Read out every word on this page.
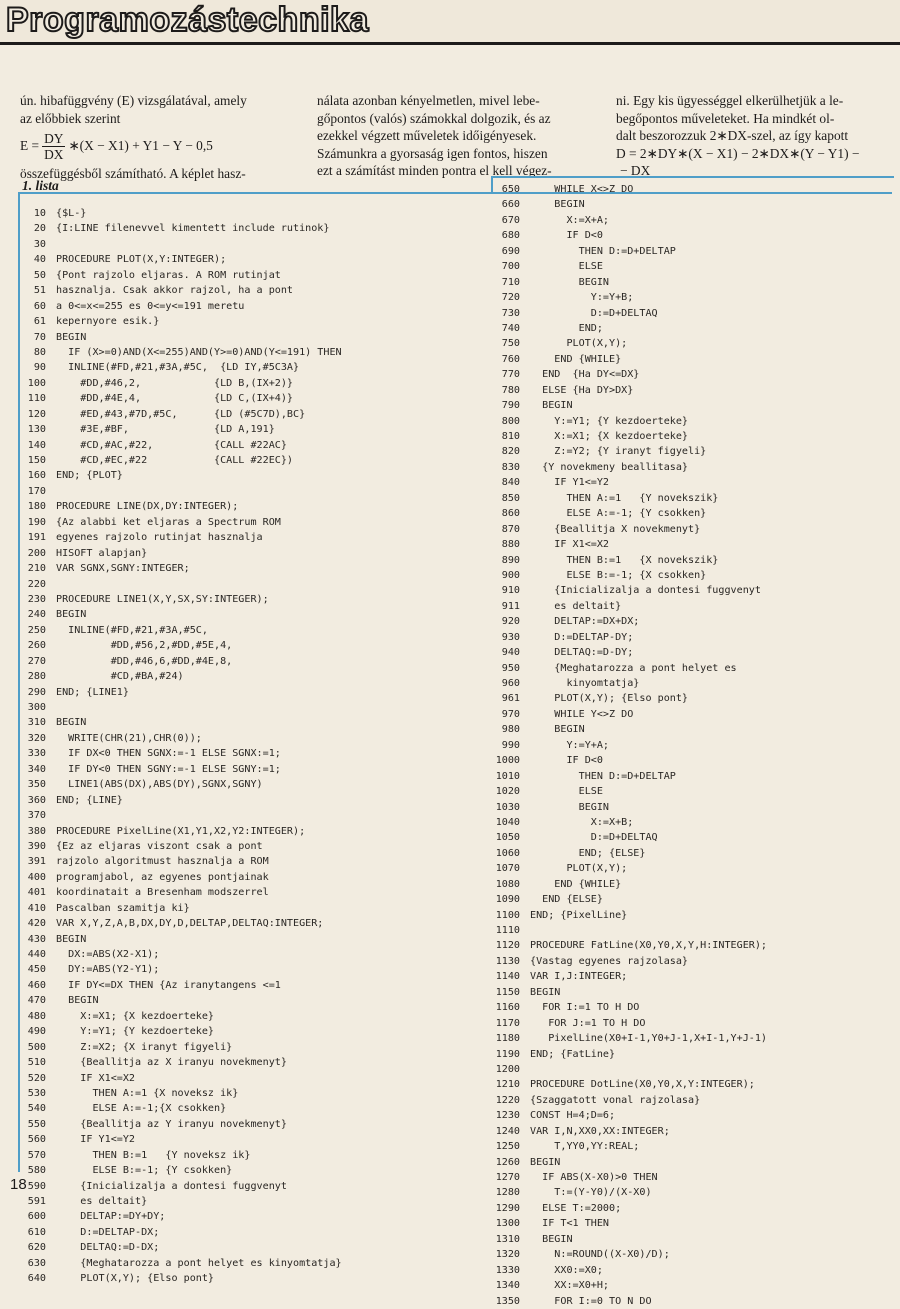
Programozástechnika
ún. hibafüggvény (E) vizsgálatával, amely
az előbbiek szerint
$E = \frac{DY}{DX}$ ∗(X − X1) + Y1 − Y − 0,5
összefüggésből számítható. A képlet hasz-
nálata azonban kényelmetlen, mivel lebe-
gőpontos (valós) számokkal dolgozik, és az
ezekkel végzett műveletek időigényesek.
Számunkra a gyorsaság igen fontos, hiszen
ezt a számítást minden pontra el kell végez-
ni. Egy kis ügyességgel elkerülhetjük a le-
begőpontos műveleteket. Ha mindkét ol-
dalt beszorozzuk 2∗DX-szel, az így kapott
D = 2∗DY∗(X − X1) − 2∗DX∗(Y − Y1) −
− DX
1. lista
10 {$L-}
20 {I:LINE filenevvel kimentett include rutinok}
30
40 PROCEDURE PLOT(X,Y:INTEGER);
50 {Pont rajzolo eljaras. A ROM rutinjat
51 hasznalja. Csak akkor rajzol, ha a pont
60 a 0<=x<=255 es 0<=y<=191 meretu
61 kepernyore esik.}
70 BEGIN
80 IF (X>=0)AND(X<=255)AND(Y>=0)AND(Y<=191) THEN
90 INLINE(#FD,#21,#3A,#5C,  {LD IY,#5C3A}
100 #DD,#46,2,            {LD B,(IX+2)}
110 #DD,#4E,4,            {LD C,(IX+4)}
120 #ED,#43,#7D,#5C,      {LD (#5C7D),BC}
130 #3E,#BF,              {LD A,191}
140 #CD,#AC,#22,          {CALL #22AC}
150 #CD,#EC,#22           {CALL #22EC})
160 END; {PLOT}
170
180 PROCEDURE LINE(DX,DY:INTEGER);
190 {Az alabbi ket eljaras a Spectrum ROM
191 egyenes rajzolo rutinjat hasznalja
200 HISOFT alapjan}
210 VAR SGNX,SGNY:INTEGER;
220
230 PROCEDURE LINE1(X,Y,SX,SY:INTEGER);
240 BEGIN
250 INLINE(#FD,#21,#3A,#5C,
260 #DD,#56,2,#DD,#5E,4,
270 #DD,#46,6,#DD,#4E,8,
280 #CD,#BA,#24)
290 END; {LINE1}
300
310 BEGIN
320 WRITE(CHR(21),CHR(0));
330 IF DX<0 THEN SGNX:=-1 ELSE SGNX:=1;
340 IF DY<0 THEN SGNY:=-1 ELSE SGNY:=1;
350 LINE1(ABS(DX),ABS(DY),SGNX,SGNY)
360 END; {LINE}
370
380 PROCEDURE PixelLine(X1,Y1,X2,Y2:INTEGER);
390 {Ez az eljaras viszont csak a pont
391 rajzolo algoritmust hasznalja a ROM
400 programjabol, az egyenes pontjainak
401 koordinatait a Bresenham modszerrel
410 Pascalban szamitja ki}
420 VAR X,Y,Z,A,B,DX,DY,D,DELTAP,DELTAQ:INTEGER;
430 BEGIN
440 DX:=ABS(X2-X1);
450 DY:=ABS(Y2-Y1);
460 IF DY<=DX THEN {Az iranytangens <=1
470 BEGIN
480 X:=X1; {X kezdoerteke}
490 Y:=Y1; {Y kezdoerteke}
500 Z:=X2; {X iranyt figyeli}
510 {Beallitja az X iranyu novekmenyt}
520 IF X1<=X2
530 THEN A:=1 {X noveksz ik}
540 ELSE A:=-1;{X csokken}
550 {Beallitja az Y iranyu novekmenyt}
560 IF Y1<=Y2
570 THEN B:=1   {Y noveksz ik}
580 ELSE B:=-1; {Y csokken}
590 {Inicializalja a dontesi fuggvenyt
591 es deltait}
600 DELTAP:=DY+DY;
610 D:=DELTAP-DX;
620 DELTAQ:=D-DX;
630 {Meghatarozza a pont helyet es kinyomtatja}
640 PLOT(X,Y); {Elso pont}
650 WHILE X<>Z DO
660 BEGIN
670 X:=X+A;
680 IF D<0
690 THEN D:=D+DELTAP
700 ELSE
710 BEGIN
720 Y:=Y+B;
730 D:=D+DELTAQ
740 END;
750 PLOT(X,Y);
760 END {WHILE}
770 END  {Ha DY<=DX}
780 ELSE {Ha DY>DX}
790 BEGIN
800 Y:=Y1; {Y kezdoerteke}
810 X:=X1; {X kezdoerteke}
820 Z:=Y2; {Y iranyt figyeli}
830 {Y novekmeny beallitasa}
840 IF Y1<=Y2
850 THEN A:=1   {Y novekszik}
860 ELSE A:=-1; {Y csokken}
870 {Beallitja X novekmenyt}
880 IF X1<=X2
890 THEN B:=1   {X novekszik}
900 ELSE B:=-1; {X csokken}
910 {Inicializalja a dontesi fuggvenyt
911 es deltait}
920 DELTAP:=DX+DX;
930 D:=DELTAP-DY;
940 DELTAQ:=D-DY;
950 {Meghatarozza a pont helyet es
960 kinyomtatja}
961 PLOT(X,Y); {Elso pont}
970 WHILE Y<>Z DO
980 BEGIN
990 Y:=Y+A;
1000 IF D<0
1010 THEN D:=D+DELTAP
1020 ELSE
1030 BEGIN
1040 X:=X+B;
1050 D:=D+DELTAQ
1060 END; {ELSE}
1070 PLOT(X,Y);
1080 END {WHILE}
1090 END {ELSE}
1100 END; {PixelLine}
1110
1120 PROCEDURE FatLine(X0,Y0,X,Y,H:INTEGER);
1130 {Vastag egyenes rajzolasa}
1140 VAR I,J:INTEGER;
1150 BEGIN
1160 FOR I:=1 TO H DO
1170 FOR J:=1 TO H DO
1180 PixelLine(X0+I-1,Y0+J-1,X+I-1,Y+J-1)
1190 END; {FatLine}
1200
1210 PROCEDURE DotLine(X0,Y0,X,Y:INTEGER);
1220 {Szaggatott vonal rajzolasa}
1230 CONST H=4;D=6;
1240 VAR I,N,XX0,XX:INTEGER;
1250 T,YY0,YY:REAL;
1260 BEGIN
1270 IF ABS(X-X0)>0 THEN
1280 T:=(Y-Y0)/(X-X0)
1290 ELSE T:=2000;
1300 IF T<1 THEN
1310 BEGIN
1320 N:=ROUND((X-X0)/D);
1330 XX0:=X0;
1340 XX:=X0+H;
1350 FOR I:=0 TO N DO
18
